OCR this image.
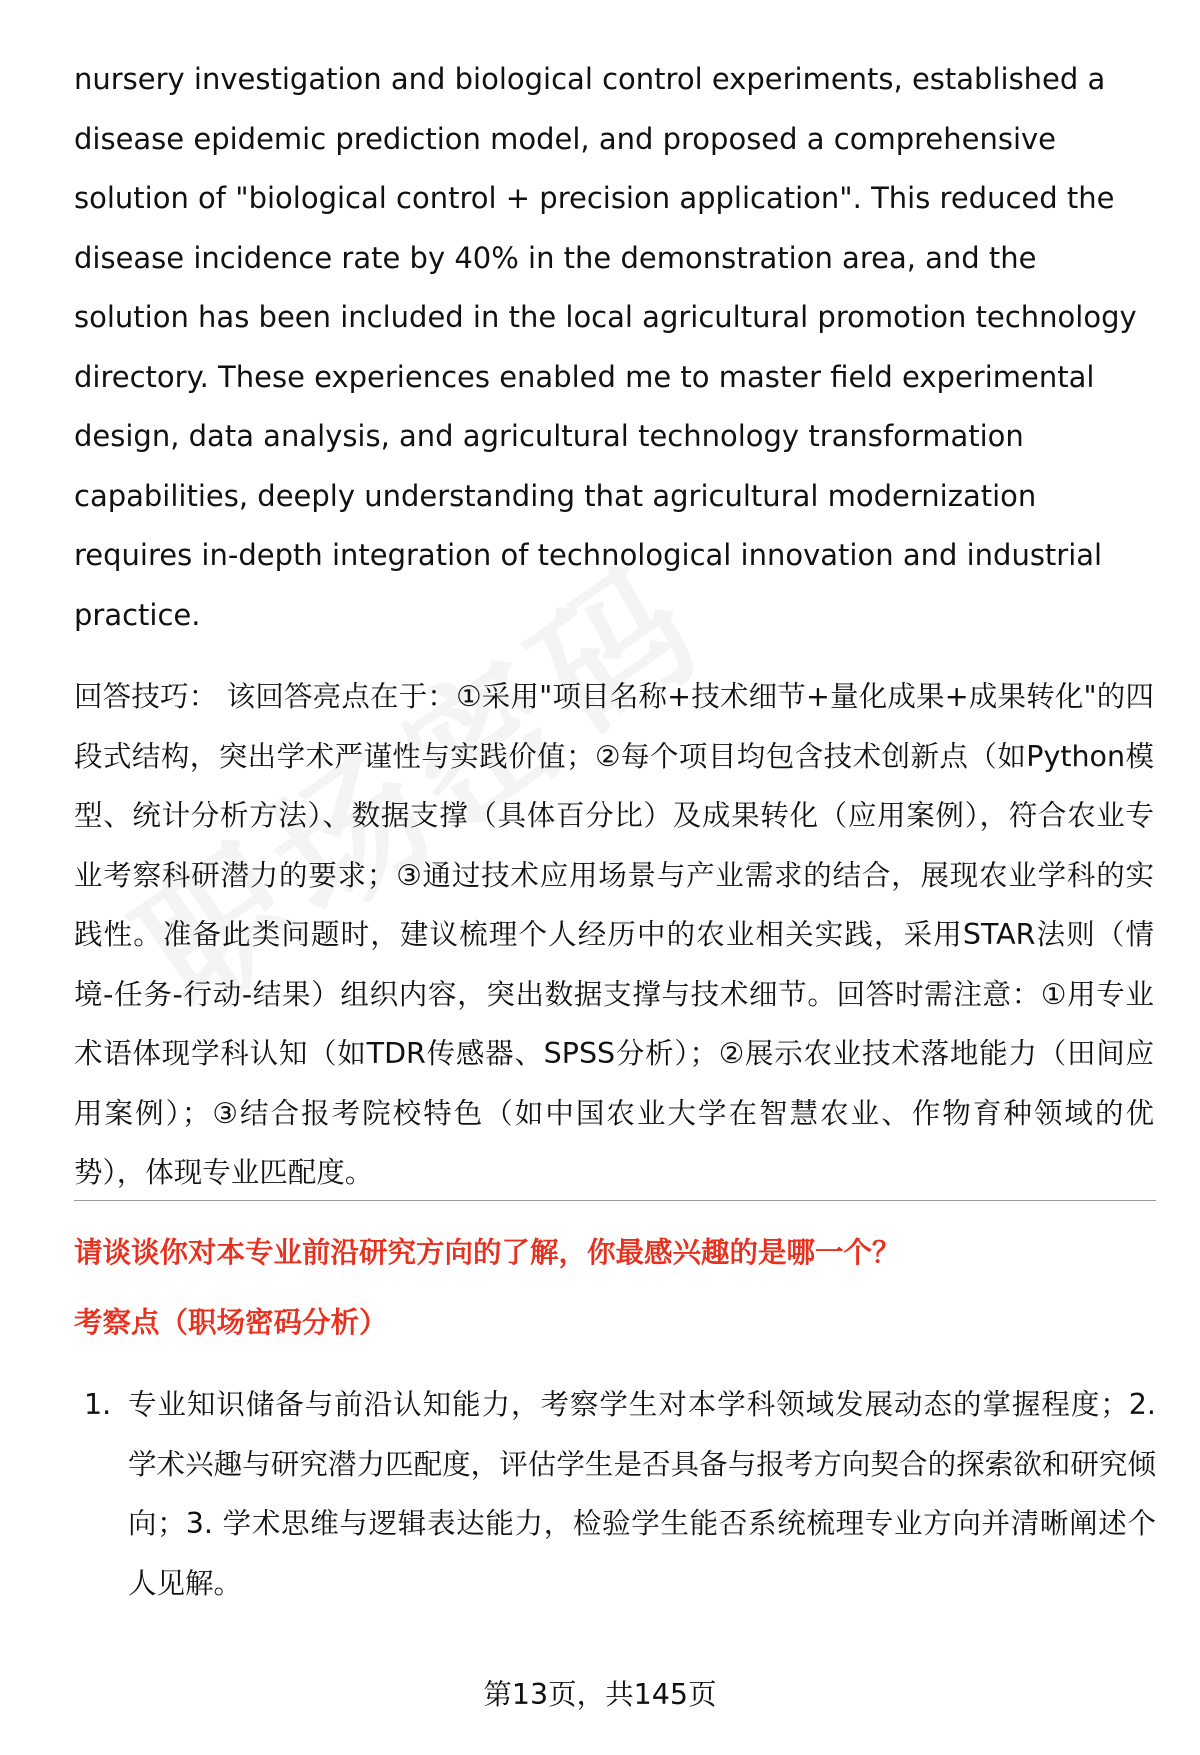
nursery investigation and biological control experiments, established a disease epidemic prediction model, and proposed a comprehensive solution of "biological control + precision application". This reduced the disease incidence rate by 40% in the demonstration area, and the solution has been included in the local agricultural promotion technology directory. These experiences enabled me to master field experimental design, data analysis, and agricultural technology transformation capabilities, deeply understanding that agricultural modernization requires in-depth integration of technological innovation and industrial practice.

回答技巧： 该回答亮点在于：①采用"项目名称+技术细节+量化成果+成果转化"的四段式结构，突出学术严谨性与实践价值；②每个项目均包含技术创新点（如Python模型、统计分析方法）、数据支撑（具体百分比）及成果转化（应用案例），符合农业专业考察科研潜力的要求；③通过技术应用场景与产业需求的结合，展现农业学科的实践性。准备此类问题时，建议梳理个人经历中的农业相关实践，采用STAR法则（情境-任务-行动-结果）组织内容，突出数据支撑与技术细节。回答时需注意：①用专业术语体现学科认知（如TDR传感器、SPSS分析）；②展示农业技术落地能力（田间应用案例）；③结合报考院校特色（如中国农业大学在智慧农业、作物育种领域的优势），体现专业匹配度。

请谈谈你对本专业前沿研究方向的了解，你最感兴趣的是哪一个？

考察点（职场密码分析）

1. 专业知识储备与前沿认知能力，考察学生对本学科领域发展动态的掌握程度；2. 学术兴趣与研究潜力匹配度，评估学生是否具备与报考方向契合的探索欲和研究倾向；3. 学术思维与逻辑表达能力，检验学生能否系统梳理专业方向并清晰阐述个人见解。
第13页，共145页
